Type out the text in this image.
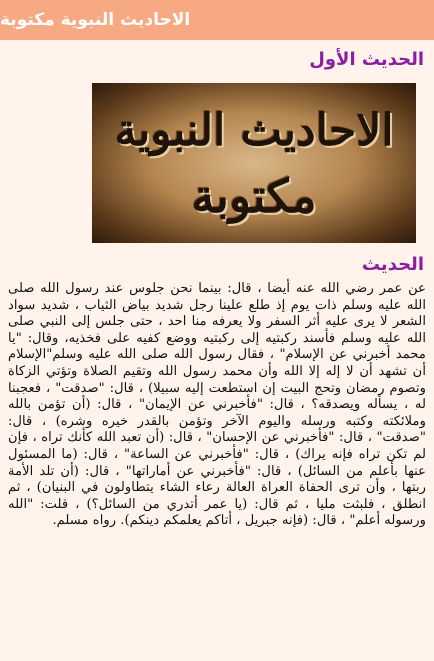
الاحاديث النبوية مكتوبة
الحديث الأول
الاحاديث النبوية
مكتوبة
الحديث
عن عمر رضي الله عنه أيضا ، قال: بينما نحن جلوس عند رسول الله صلى الله عليه وسلم ذات يوم إذ طلع علينا رجل شديد بياض الثياب ، شديد سواد الشعر لا يرى عليه أثر السفر ولا يعرفه منا احد ، حتى جلس إلى النبي صلى الله عليه وسلم فأسند ركبتيه إلى ركبتيه ووضع كفيه على فخذيه، وقال: "يا محمد أخبرني عن الإسلام" ، فقال رسول الله صلى الله عليه وسلم"الإسلام أن تشهد أن لا إله إلا الله وأن محمد رسول الله وتقيم الصلاة وتؤتي الزكاة وتصوم رمضان وتحج البيت إن استطعت إليه سبيلا) ، قال: "صدقت" ، فعجبنا له ، يسأله ويصدقه؟ ، قال: "فأخبرني عن الإيمان" ، قال: (أن تؤمن بالله وملائكته وكتبه ورسله واليوم الآخر وتؤمن بالقدر خيره وشره) ، قال: "صدقت" ، قال: "فأخبرني عن الإحسان" ، قال: (أن تعبد الله كأنك تراه ، فإن لم تكن تراه فإنه يراك) ، قال: "فأخبرني عن الساعة" ، قال: (ما المسئول عنها بأعلم من السائل) ، قال: "فأخبرني عن أماراتها" ، قال: (أن تلد الأمة ربتها ، وأن ترى الحفاة العراة العالة رعاء الشاء يتطاولون في البنيان) ، ثم انطلق ، فلبثت مليا ، ثم قال: (يا عمر أتدري من السائل؟) ، قلت: "الله ورسوله أعلم" ، قال: (فإنه جبريل ، أتاكم يعلمكم دينكم). رواه مسلم.
